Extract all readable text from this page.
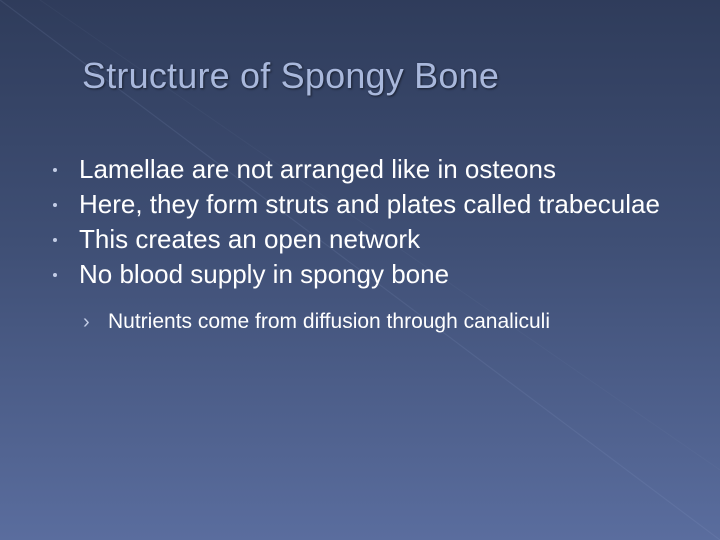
Structure of Spongy Bone

Lamellae are not arranged like in osteons

Here, they form struts and plates called trabeculae

This creates an open network

No blood supply in spongy bone

› Nutrients come from diffusion through canaliculi
